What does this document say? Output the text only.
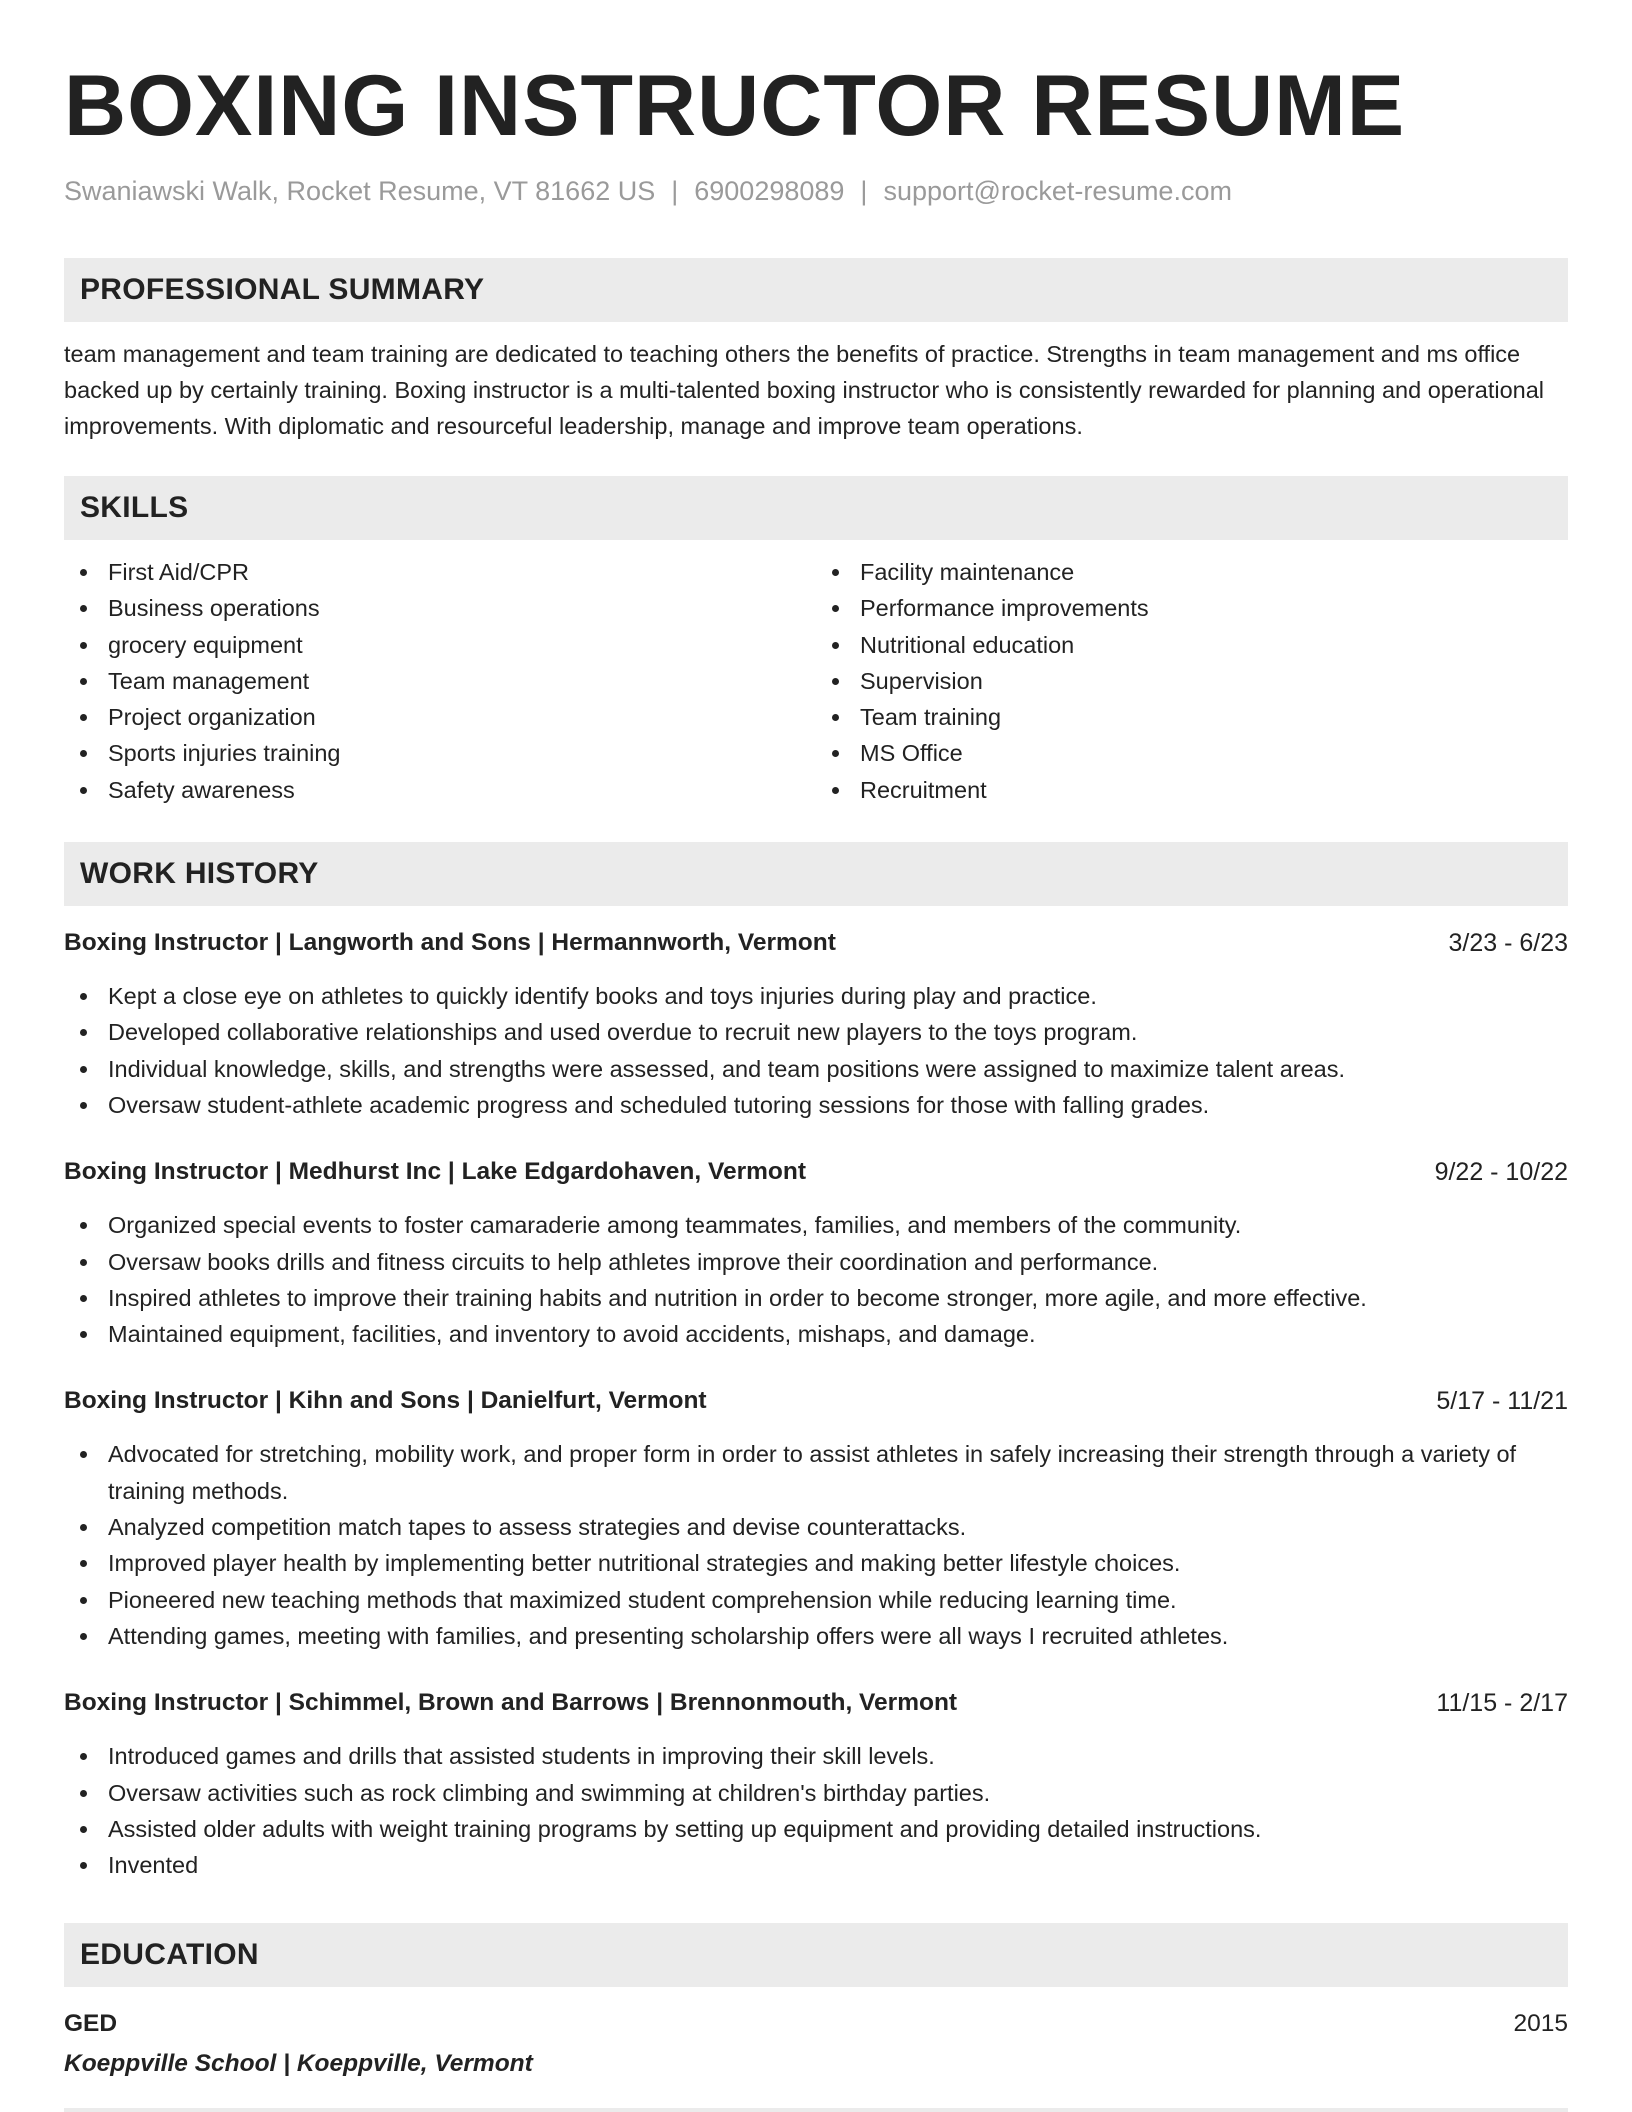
BOXING INSTRUCTOR RESUME
Swaniawski Walk, Rocket Resume, VT 81662 US | 6900298089 | support@rocket-resume.com
PROFESSIONAL SUMMARY
team management and team training are dedicated to teaching others the benefits of practice. Strengths in team management and ms office backed up by certainly training. Boxing instructor is a multi-talented boxing instructor who is consistently rewarded for planning and operational improvements. With diplomatic and resourceful leadership, manage and improve team operations.
SKILLS
First Aid/CPR
Business operations
grocery equipment
Team management
Project organization
Sports injuries training
Safety awareness
Facility maintenance
Performance improvements
Nutritional education
Supervision
Team training
MS Office
Recruitment
WORK HISTORY
Boxing Instructor | Langworth and Sons | Hermannworth, Vermont	3/23 - 6/23
Kept a close eye on athletes to quickly identify books and toys injuries during play and practice.
Developed collaborative relationships and used overdue to recruit new players to the toys program.
Individual knowledge, skills, and strengths were assessed, and team positions were assigned to maximize talent areas.
Oversaw student-athlete academic progress and scheduled tutoring sessions for those with falling grades.
Boxing Instructor | Medhurst Inc | Lake Edgardohaven, Vermont	9/22 - 10/22
Organized special events to foster camaraderie among teammates, families, and members of the community.
Oversaw books drills and fitness circuits to help athletes improve their coordination and performance.
Inspired athletes to improve their training habits and nutrition in order to become stronger, more agile, and more effective.
Maintained equipment, facilities, and inventory to avoid accidents, mishaps, and damage.
Boxing Instructor | Kihn and Sons | Danielfurt, Vermont	5/17 - 11/21
Advocated for stretching, mobility work, and proper form in order to assist athletes in safely increasing their strength through a variety of training methods.
Analyzed competition match tapes to assess strategies and devise counterattacks.
Improved player health by implementing better nutritional strategies and making better lifestyle choices.
Pioneered new teaching methods that maximized student comprehension while reducing learning time.
Attending games, meeting with families, and presenting scholarship offers were all ways I recruited athletes.
Boxing Instructor | Schimmel, Brown and Barrows | Brennonmouth, Vermont	11/15 - 2/17
Introduced games and drills that assisted students in improving their skill levels.
Oversaw activities such as rock climbing and swimming at children's birthday parties.
Assisted older adults with weight training programs by setting up equipment and providing detailed instructions.
Invented
EDUCATION
GED	2015
Koeppville School | Koeppville, Vermont
